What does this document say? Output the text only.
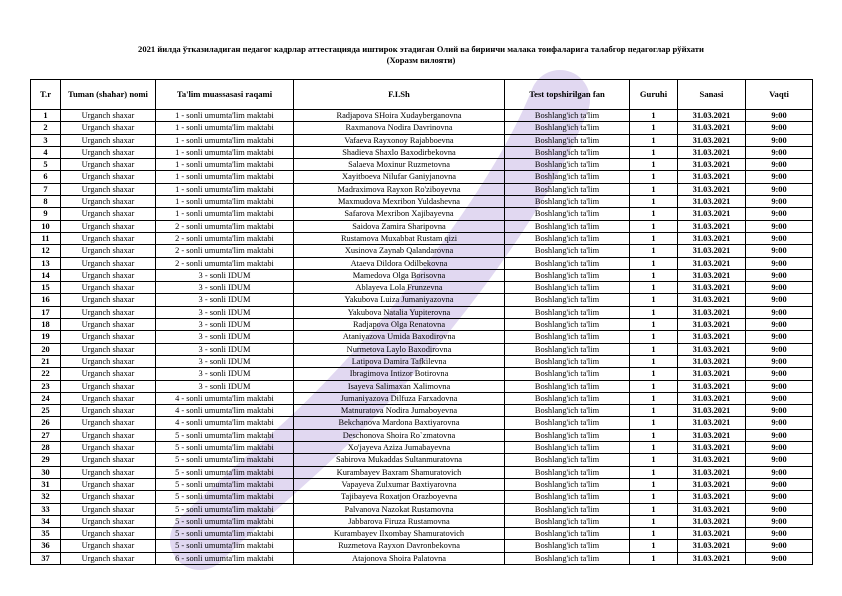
2021 йилда ўтказиладиган педагог кадрлар аттестацияда иштирок этадиган Олий ва биринчи малака тоифаларига талабгор педагоглар рўйхати
(Хоразм вилояти)
T.r	Tuman (shahar) nomi	Ta'lim muassasasi raqami	F.I.Sh	Test topshirilgan fan	Guruhi	Sanasi	Vaqti
1	Urganch shaxar	1 - sonli umumta'lim maktabi	Radjapova SHoira Xudayberganovna	Boshlang'ich ta'lim	1	31.03.2021	9:00
2	Urganch shaxar	1 - sonli umumta'lim maktabi	Raxmanova Nodira Davrinovna	Boshlang'ich ta'lim	1	31.03.2021	9:00
3	Urganch shaxar	1 - sonli umumta'lim maktabi	Vafaeva Rayxonoy Rajabboevna	Boshlang'ich ta'lim	1	31.03.2021	9:00
4	Urganch shaxar	1 - sonli umumta'lim maktabi	Shadieva Shaxlo Baxodirbekovna	Boshlang'ich ta'lim	1	31.03.2021	9:00
5	Urganch shaxar	1 - sonli umumta'lim maktabi	Salaeva Moxinur Ruzmetovna	Boshlang'ich ta'lim	1	31.03.2021	9:00
6	Urganch shaxar	1 - sonli umumta'lim maktabi	Xayitboeva Nilufar Ganiyjanovna	Boshlang'ich ta'lim	1	31.03.2021	9:00
7	Urganch shaxar	1 - sonli umumta'lim maktabi	Madraximova Rayxon Ro'ziboyevna	Boshlang'ich ta'lim	1	31.03.2021	9:00
8	Urganch shaxar	1 - sonli umumta'lim maktabi	Maxmudova Mexribon Yuldashevna	Boshlang'ich ta'lim	1	31.03.2021	9:00
9	Urganch shaxar	1 - sonli umumta'lim maktabi	Safarova Mexribon Xajibayevna	Boshlang'ich ta'lim	1	31.03.2021	9:00
10	Urganch shaxar	2 - sonli umumta'lim maktabi	Saidova Zamira Sharipovna	Boshlang'ich ta'lim	1	31.03.2021	9:00
11	Urganch shaxar	2 - sonli umumta'lim maktabi	Rustamova Muxabbat Rustam qizi	Boshlang'ich ta'lim	1	31.03.2021	9:00
12	Urganch shaxar	2 - sonli umumta'lim maktabi	Xusinova Zaynab Qalandarovna	Boshlang'ich ta'lim	1	31.03.2021	9:00
13	Urganch shaxar	2 - sonli umumta'lim maktabi	Ataeva Dildora Odilbekovna	Boshlang'ich ta'lim	1	31.03.2021	9:00
14	Urganch shaxar	3 - sonli IDUM	Mamedova Olga Borisovna	Boshlang'ich ta'lim	1	31.03.2021	9:00
15	Urganch shaxar	3 - sonli IDUM	Ablayeva Lola Frunzevna	Boshlang'ich ta'lim	1	31.03.2021	9:00
16	Urganch shaxar	3 - sonli IDUM	Yakubova Luiza Jumaniyazovna	Boshlang'ich ta'lim	1	31.03.2021	9:00
17	Urganch shaxar	3 - sonli IDUM	Yakubova Natalia Yupiterovna	Boshlang'ich ta'lim	1	31.03.2021	9:00
18	Urganch shaxar	3 - sonli IDUM	Radjapova Olga Renatovna	Boshlang'ich ta'lim	1	31.03.2021	9:00
19	Urganch shaxar	3 - sonli IDUM	Ataniyazova Umida Baxodirovna	Boshlang'ich ta'lim	1	31.03.2021	9:00
20	Urganch shaxar	3 - sonli IDUM	Nurmetova Laylo Baxodirovna	Boshlang'ich ta'lim	1	31.03.2021	9:00
21	Urganch shaxar	3 - sonli IDUM	Latipova Damira Tafkilevna	Boshlang'ich ta'lim	1	31.03.2021	9:00
22	Urganch shaxar	3 - sonli IDUM	Ibragimova Intizor Botirovna	Boshlang'ich ta'lim	1	31.03.2021	9:00
23	Urganch shaxar	3 - sonli IDUM	Isayeva Salimaxan Xalimovna	Boshlang'ich ta'lim	1	31.03.2021	9:00
24	Urganch shaxar	4 - sonli umumta'lim maktabi	Jumaniyazova Dilfuza Farxadovna	Boshlang'ich ta'lim	1	31.03.2021	9:00
25	Urganch shaxar	4 - sonli umumta'lim maktabi	Matnuratova Nodira Jumaboyevna	Boshlang'ich ta'lim	1	31.03.2021	9:00
26	Urganch shaxar	4 - sonli umumta'lim maktabi	Bekchanova Mardona Baxtiyarovna	Boshlang'ich ta'lim	1	31.03.2021	9:00
27	Urganch shaxar	5 - sonli umumta'lim maktabi	Deschonova Shoira Ro`zmatovna	Boshlang'ich ta'lim	1	31.03.2021	9:00
28	Urganch shaxar	5 - sonli umumta'lim maktabi	Xo'jayeva Aziza Jumabayevna	Boshlang'ich ta'lim	1	31.03.2021	9:00
29	Urganch shaxar	5 - sonli umumta'lim maktabi	Sabirova Mukaddas Sultanmuratovna	Boshlang'ich ta'lim	1	31.03.2021	9:00
30	Urganch shaxar	5 - sonli umumta'lim maktabi	Kurambayev Baxram Shamuratovich	Boshlang'ich ta'lim	1	31.03.2021	9:00
31	Urganch shaxar	5 - sonli umumta'lim maktabi	Vapayeva Zulxumar Baxtiyarovna	Boshlang'ich ta'lim	1	31.03.2021	9:00
32	Urganch shaxar	5 - sonli umumta'lim maktabi	Tajibayeva Roxatjon Orazboyevna	Boshlang'ich ta'lim	1	31.03.2021	9:00
33	Urganch shaxar	5 - sonli umumta'lim maktabi	Palvanova Nazokat Rustamovna	Boshlang'ich ta'lim	1	31.03.2021	9:00
34	Urganch shaxar	5 - sonli umumta'lim maktabi	Jabbarova Firuza Rustamovna	Boshlang'ich ta'lim	1	31.03.2021	9:00
35	Urganch shaxar	5 - sonli umumta'lim maktabi	Kurambayev Ilxombay Shamuratovich	Boshlang'ich ta'lim	1	31.03.2021	9:00
36	Urganch shaxar	5 - sonli umumta'lim maktabi	Ruzmetova Rayxon Davronbekovna	Boshlang'ich ta'lim	1	31.03.2021	9:00
37	Urganch shaxar	6 - sonli umumta'lim maktabi	Atajonova Shoira Palatovna	Boshlang'ich ta'lim	1	31.03.2021	9:00
